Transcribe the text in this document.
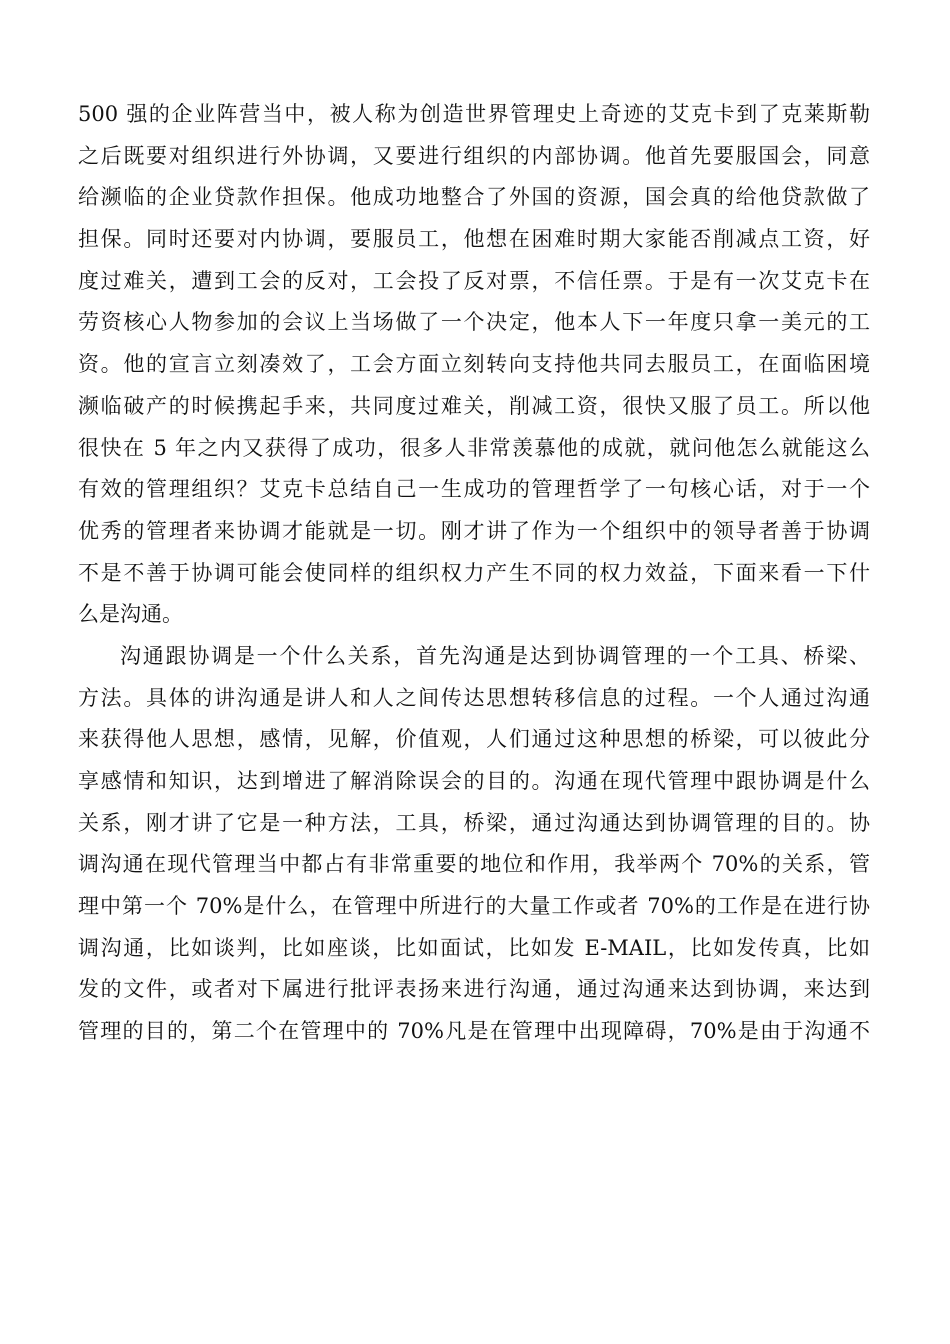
500 强的企业阵营当中，被人称为创造世界管理史上奇迹的艾克卡到了克莱斯勒
之后既要对组织进行外协调，又要进行组织的内部协调。他首先要服国会，同意
给濒临的企业贷款作担保。他成功地整合了外国的资源，国会真的给他贷款做了
担保。同时还要对内协调，要服员工，他想在困难时期大家能否削减点工资，好
度过难关，遭到工会的反对，工会投了反对票，不信任票。于是有一次艾克卡在
劳资核心人物参加的会议上当场做了一个决定，他本人下一年度只拿一美元的工
资。他的宣言立刻凑效了，工会方面立刻转向支持他共同去服员工，在面临困境
濒临破产的时候携起手来，共同度过难关，削减工资，很快又服了员工。所以他
很快在 5 年之内又获得了成功，很多人非常羡慕他的成就，就问他怎么就能这么
有效的管理组织？艾克卡总结自己一生成功的管理哲学了一句核心话，对于一个
优秀的管理者来协调才能就是一切。刚才讲了作为一个组织中的领导者善于协调
不是不善于协调可能会使同样的组织权力产生不同的权力效益，下面来看一下什
么是沟通。
沟通跟协调是一个什么关系，首先沟通是达到协调管理的一个工具、桥梁、
方法。具体的讲沟通是讲人和人之间传达思想转移信息的过程。一个人通过沟通
来获得他人思想，感情，见解，价值观，人们通过这种思想的桥梁，可以彼此分
享感情和知识，达到增进了解消除误会的目的。沟通在现代管理中跟协调是什么
关系，刚才讲了它是一种方法，工具，桥梁，通过沟通达到协调管理的目的。协
调沟通在现代管理当中都占有非常重要的地位和作用，我举两个 70%的关系，管
理中第一个 70%是什么，在管理中所进行的大量工作或者 70%的工作是在进行协
调沟通，比如谈判，比如座谈，比如面试，比如发 E-MAIL，比如发传真，比如
发的文件，或者对下属进行批评表扬来进行沟通，通过沟通来达到协调，来达到
管理的目的，第二个在管理中的 70%凡是在管理中出现障碍，70%是由于沟通不
